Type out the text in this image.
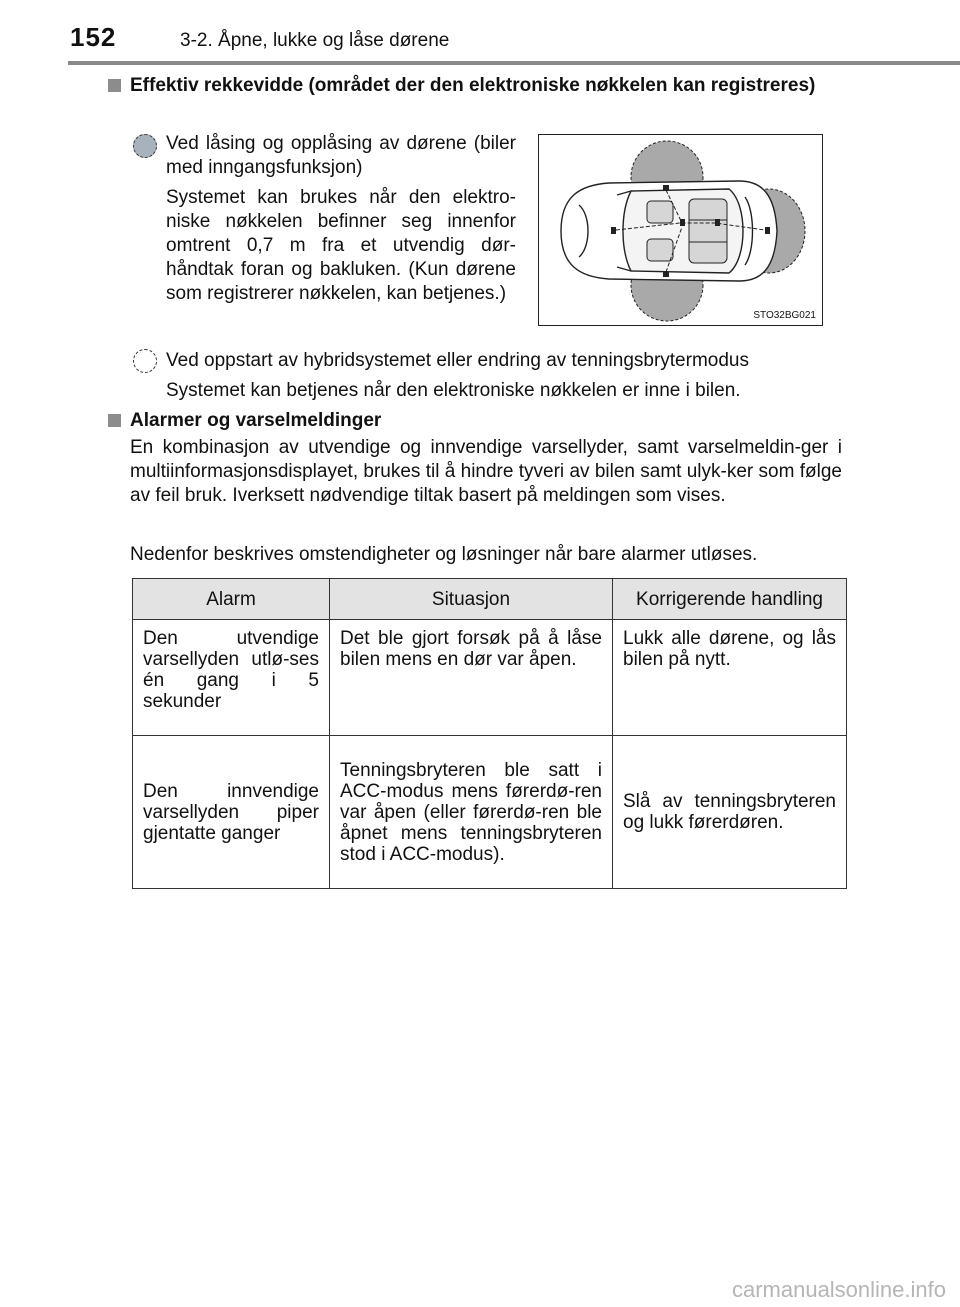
152	3-2. Åpne, lukke og låse dørene
Effektiv rekkevidde (området der den elektroniske nøkkelen kan registreres)
Ved låsing og opplåsing av dørene (biler med inngangsfunksjon)
Systemet kan brukes når den elektro-niske nøkkelen befinner seg innenfor omtrent 0,7 m fra et utvendig dør-håndtak foran og bakluken. (Kun dørene som registrerer nøkkelen, kan betjenes.)
STO32BG021
Ved oppstart av hybridsystemet eller endring av tenningsbrytermodus
Systemet kan betjenes når den elektroniske nøkkelen er inne i bilen.
Alarmer og varselmeldinger
En kombinasjon av utvendige og innvendige varsellyder, samt varselmeldin-ger i multiinformasjonsdisplayet, brukes til å hindre tyveri av bilen samt ulyk-ker som følge av feil bruk. Iverksett nødvendige tiltak basert på meldingen som vises.
Nedenfor beskrives omstendigheter og løsninger når bare alarmer utløses.
Alarm	Situasjon	Korrigerende handling
Den utvendige varsellyden utlø-ses én gang i 5 sekunder	Det ble gjort forsøk på å låse bilen mens en dør var åpen.	Lukk alle dørene, og lås bilen på nytt.
Den innvendige varsellyden piper gjentatte ganger	Tenningsbryteren ble satt i ACC-modus mens førerdø-ren var åpen (eller førerdø-ren ble åpnet mens tenningsbryteren stod i ACC-modus).	Slå av tenningsbryteren og lukk førerdøren.
carmanualsonline.info
